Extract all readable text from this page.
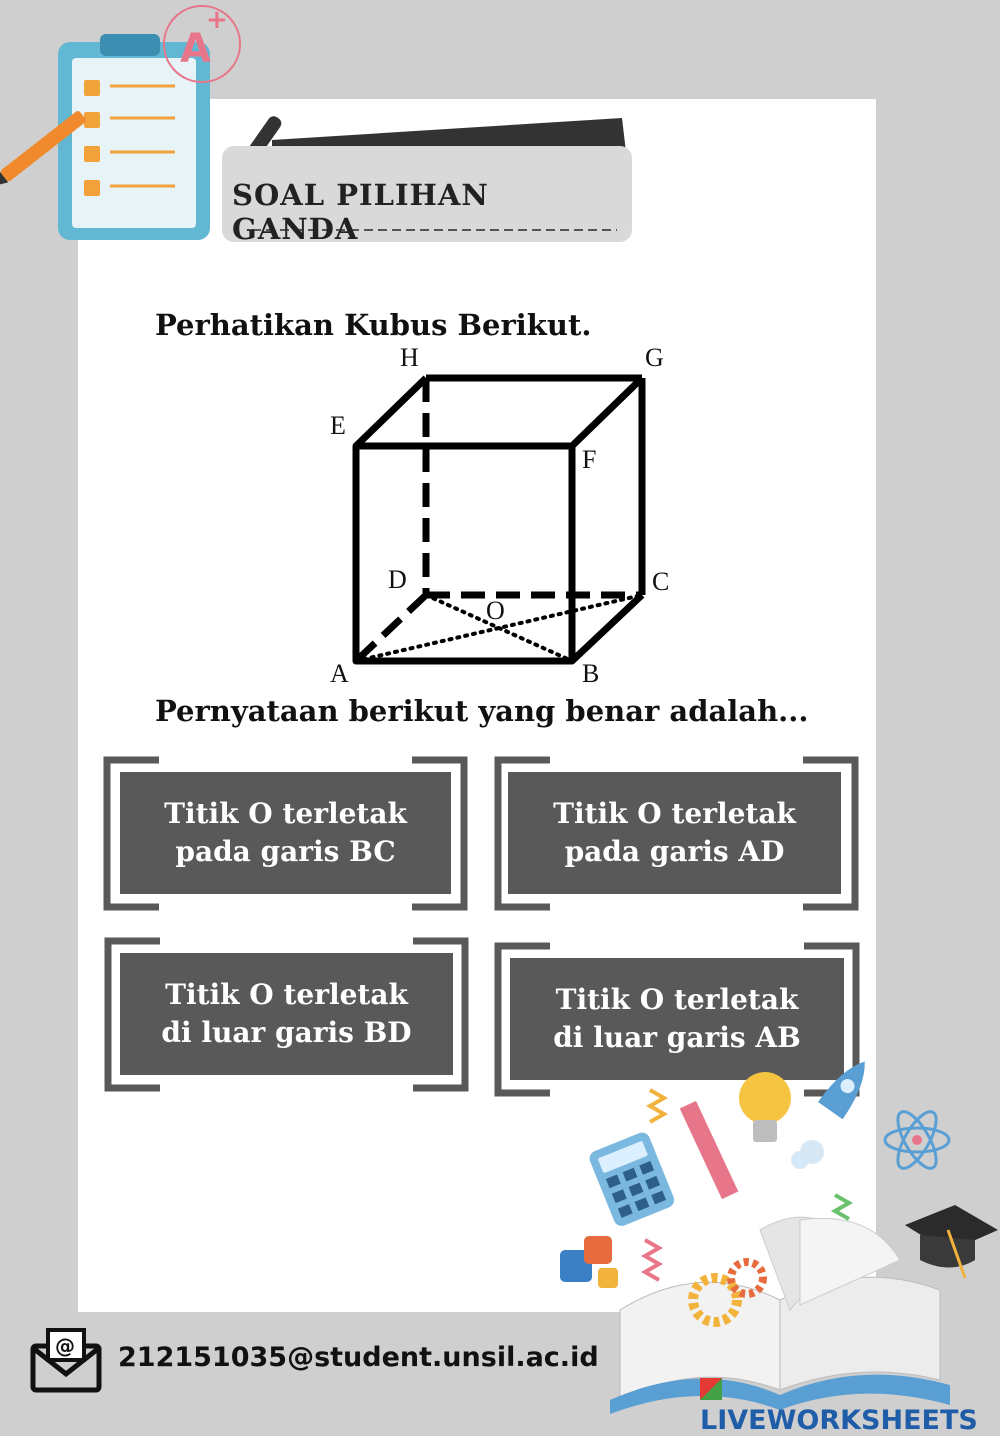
A
+
SOAL PILIHAN GANDA
Perhatikan Kubus Berikut.
A	B
C
D
E
F
G
H
O
Pernyataan berikut yang benar adalah...
Titik O terletak
pada garis BC
Titik O terletak
pada garis AD
Titik O terletak
di luar garis BD
Titik O terletak
di luar garis AB
@ 212151035@student.unsil.ac.id
LIVEWORKSHEETS
